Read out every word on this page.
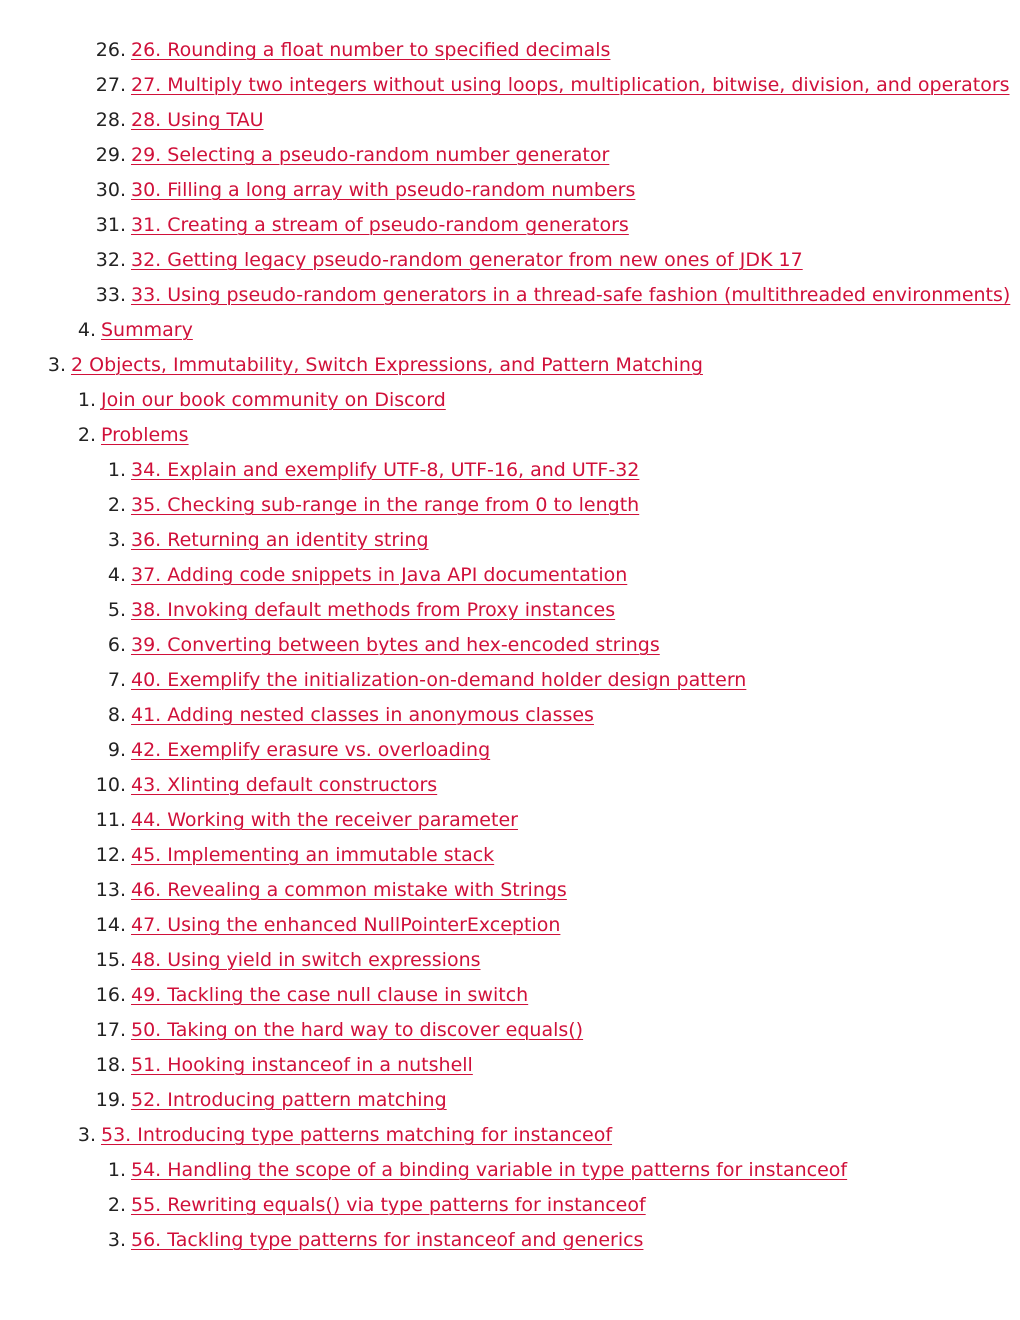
26. 26. Rounding a float number to specified decimals
27. 27. Multiply two integers without using loops, multiplication, bitwise, division, and operators
28. 28. Using TAU
29. 29. Selecting a pseudo-random number generator
30. 30. Filling a long array with pseudo-random numbers
31. 31. Creating a stream of pseudo-random generators
32. 32. Getting legacy pseudo-random generator from new ones of JDK 17
33. 33. Using pseudo-random generators in a thread-safe fashion (multithreaded environments)
4. Summary
3. 2 Objects, Immutability, Switch Expressions, and Pattern Matching
1. Join our book community on Discord
2. Problems
1. 34. Explain and exemplify UTF-8, UTF-16, and UTF-32
2. 35. Checking sub-range in the range from 0 to length
3. 36. Returning an identity string
4. 37. Adding code snippets in Java API documentation
5. 38. Invoking default methods from Proxy instances
6. 39. Converting between bytes and hex-encoded strings
7. 40. Exemplify the initialization-on-demand holder design pattern
8. 41. Adding nested classes in anonymous classes
9. 42. Exemplify erasure vs. overloading
10. 43. Xlinting default constructors
11. 44. Working with the receiver parameter
12. 45. Implementing an immutable stack
13. 46. Revealing a common mistake with Strings
14. 47. Using the enhanced NullPointerException
15. 48. Using yield in switch expressions
16. 49. Tackling the case null clause in switch
17. 50. Taking on the hard way to discover equals()
18. 51. Hooking instanceof in a nutshell
19. 52. Introducing pattern matching
3. 53. Introducing type patterns matching for instanceof
1. 54. Handling the scope of a binding variable in type patterns for instanceof
2. 55. Rewriting equals() via type patterns for instanceof
3. 56. Tackling type patterns for instanceof and generics
